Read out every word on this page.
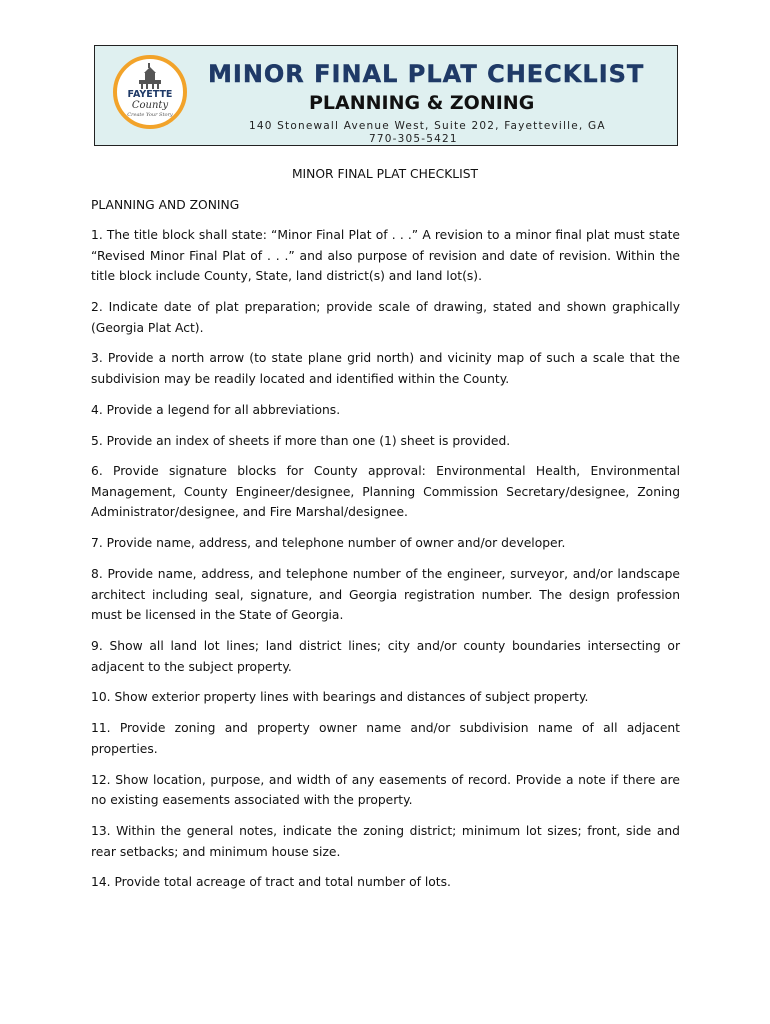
FAYETTE
County
Create Your Story
MINOR FINAL PLAT CHECKLIST
PLANNING & ZONING
140 Stonewall Avenue West, Suite 202, Fayetteville, GA
770-305-5421
MINOR FINAL PLAT CHECKLIST
PLANNING AND ZONING

1. The title block shall state: “Minor Final Plat of . . .” A revision to a minor final plat must state “Revised Minor Final Plat of . . .” and also purpose of revision and date of revision. Within the title block include County, State, land district(s) and land lot(s).

2. Indicate date of plat preparation; provide scale of drawing, stated and shown graphically (Georgia Plat Act).

3. Provide a north arrow (to state plane grid north) and vicinity map of such a scale that the subdivision may be readily located and identified within the County.

4. Provide a legend for all abbreviations.

5. Provide an index of sheets if more than one (1) sheet is provided.

6. Provide signature blocks for County approval: Environmental Health, Environmental Management, County Engineer/designee, Planning Commission Secretary/designee, Zoning Administrator/designee, and Fire Marshal/designee.

7. Provide name, address, and telephone number of owner and/or developer.

8. Provide name, address, and telephone number of the engineer, surveyor, and/or landscape architect including seal, signature, and Georgia registration number. The design profession must be licensed in the State of Georgia.

9. Show all land lot lines; land district lines; city and/or county boundaries intersecting or adjacent to the subject property.

10. Show exterior property lines with bearings and distances of subject property.

11. Provide zoning and property owner name and/or subdivision name of all adjacent properties.

12. Show location, purpose, and width of any easements of record. Provide a note if there are no existing easements associated with the property.

13. Within the general notes, indicate the zoning district; minimum lot sizes; front, side and rear setbacks; and minimum house size.

14. Provide total acreage of tract and total number of lots.
